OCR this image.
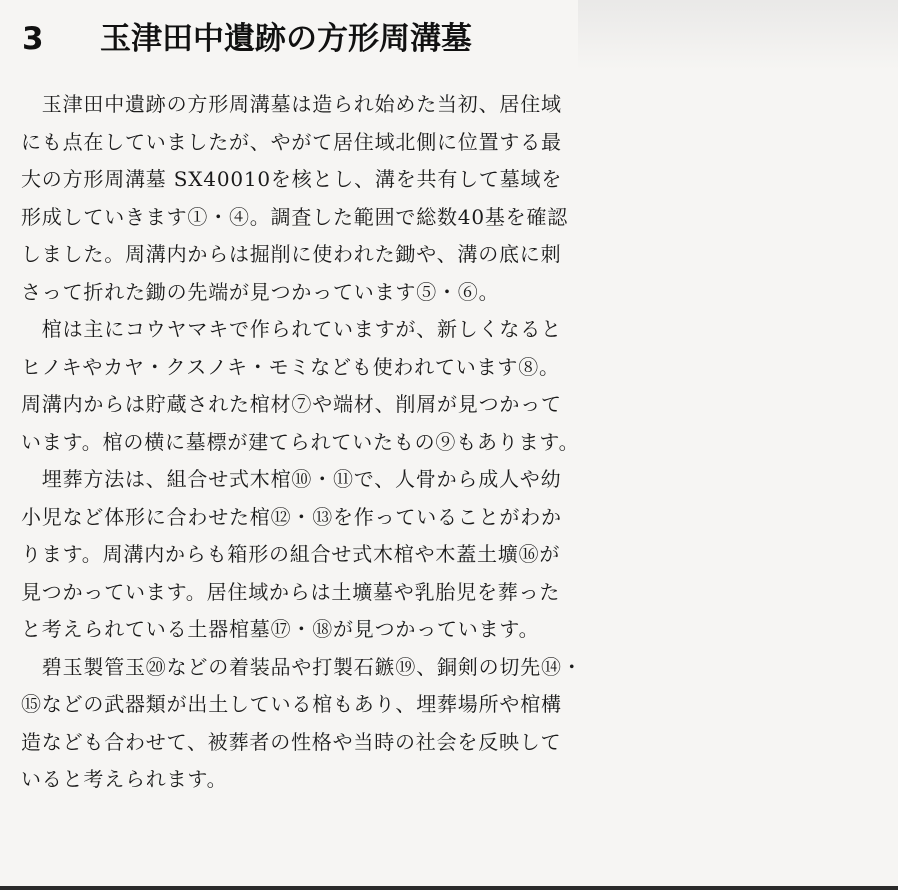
3	玉津田中遺跡の方形周溝墓
　玉津田中遺跡の方形周溝墓は造られ始めた当初、居住域
にも点在していましたが、やがて居住域北側に位置する最
大の方形周溝墓 SX40010を核とし、溝を共有して墓域を
形成していきます①・④。調査した範囲で総数40基を確認
しました。周溝内からは掘削に使われた鋤や、溝の底に刺
さって折れた鋤の先端が見つかっています⑤・⑥。
　棺は主にコウヤマキで作られていますが、新しくなると
ヒノキやカヤ・クスノキ・モミなども使われています⑧。
周溝内からは貯蔵された棺材⑦や端材、削屑が見つかって
います。棺の横に墓標が建てられていたもの⑨もあります。
　埋葬方法は、組合せ式木棺⑩・⑪で、人骨から成人や幼
小児など体形に合わせた棺⑫・⑬を作っていることがわか
ります。周溝内からも箱形の組合せ式木棺や木蓋土壙⑯が
見つかっています。居住域からは土壙墓や乳胎児を葬った
と考えられている土器棺墓⑰・⑱が見つかっています。
　碧玉製管玉⑳などの着装品や打製石鏃⑲、銅剣の切先⑭・
⑮などの武器類が出土している棺もあり、埋葬場所や棺構
造なども合わせて、被葬者の性格や当時の社会を反映して
いると考えられます。
